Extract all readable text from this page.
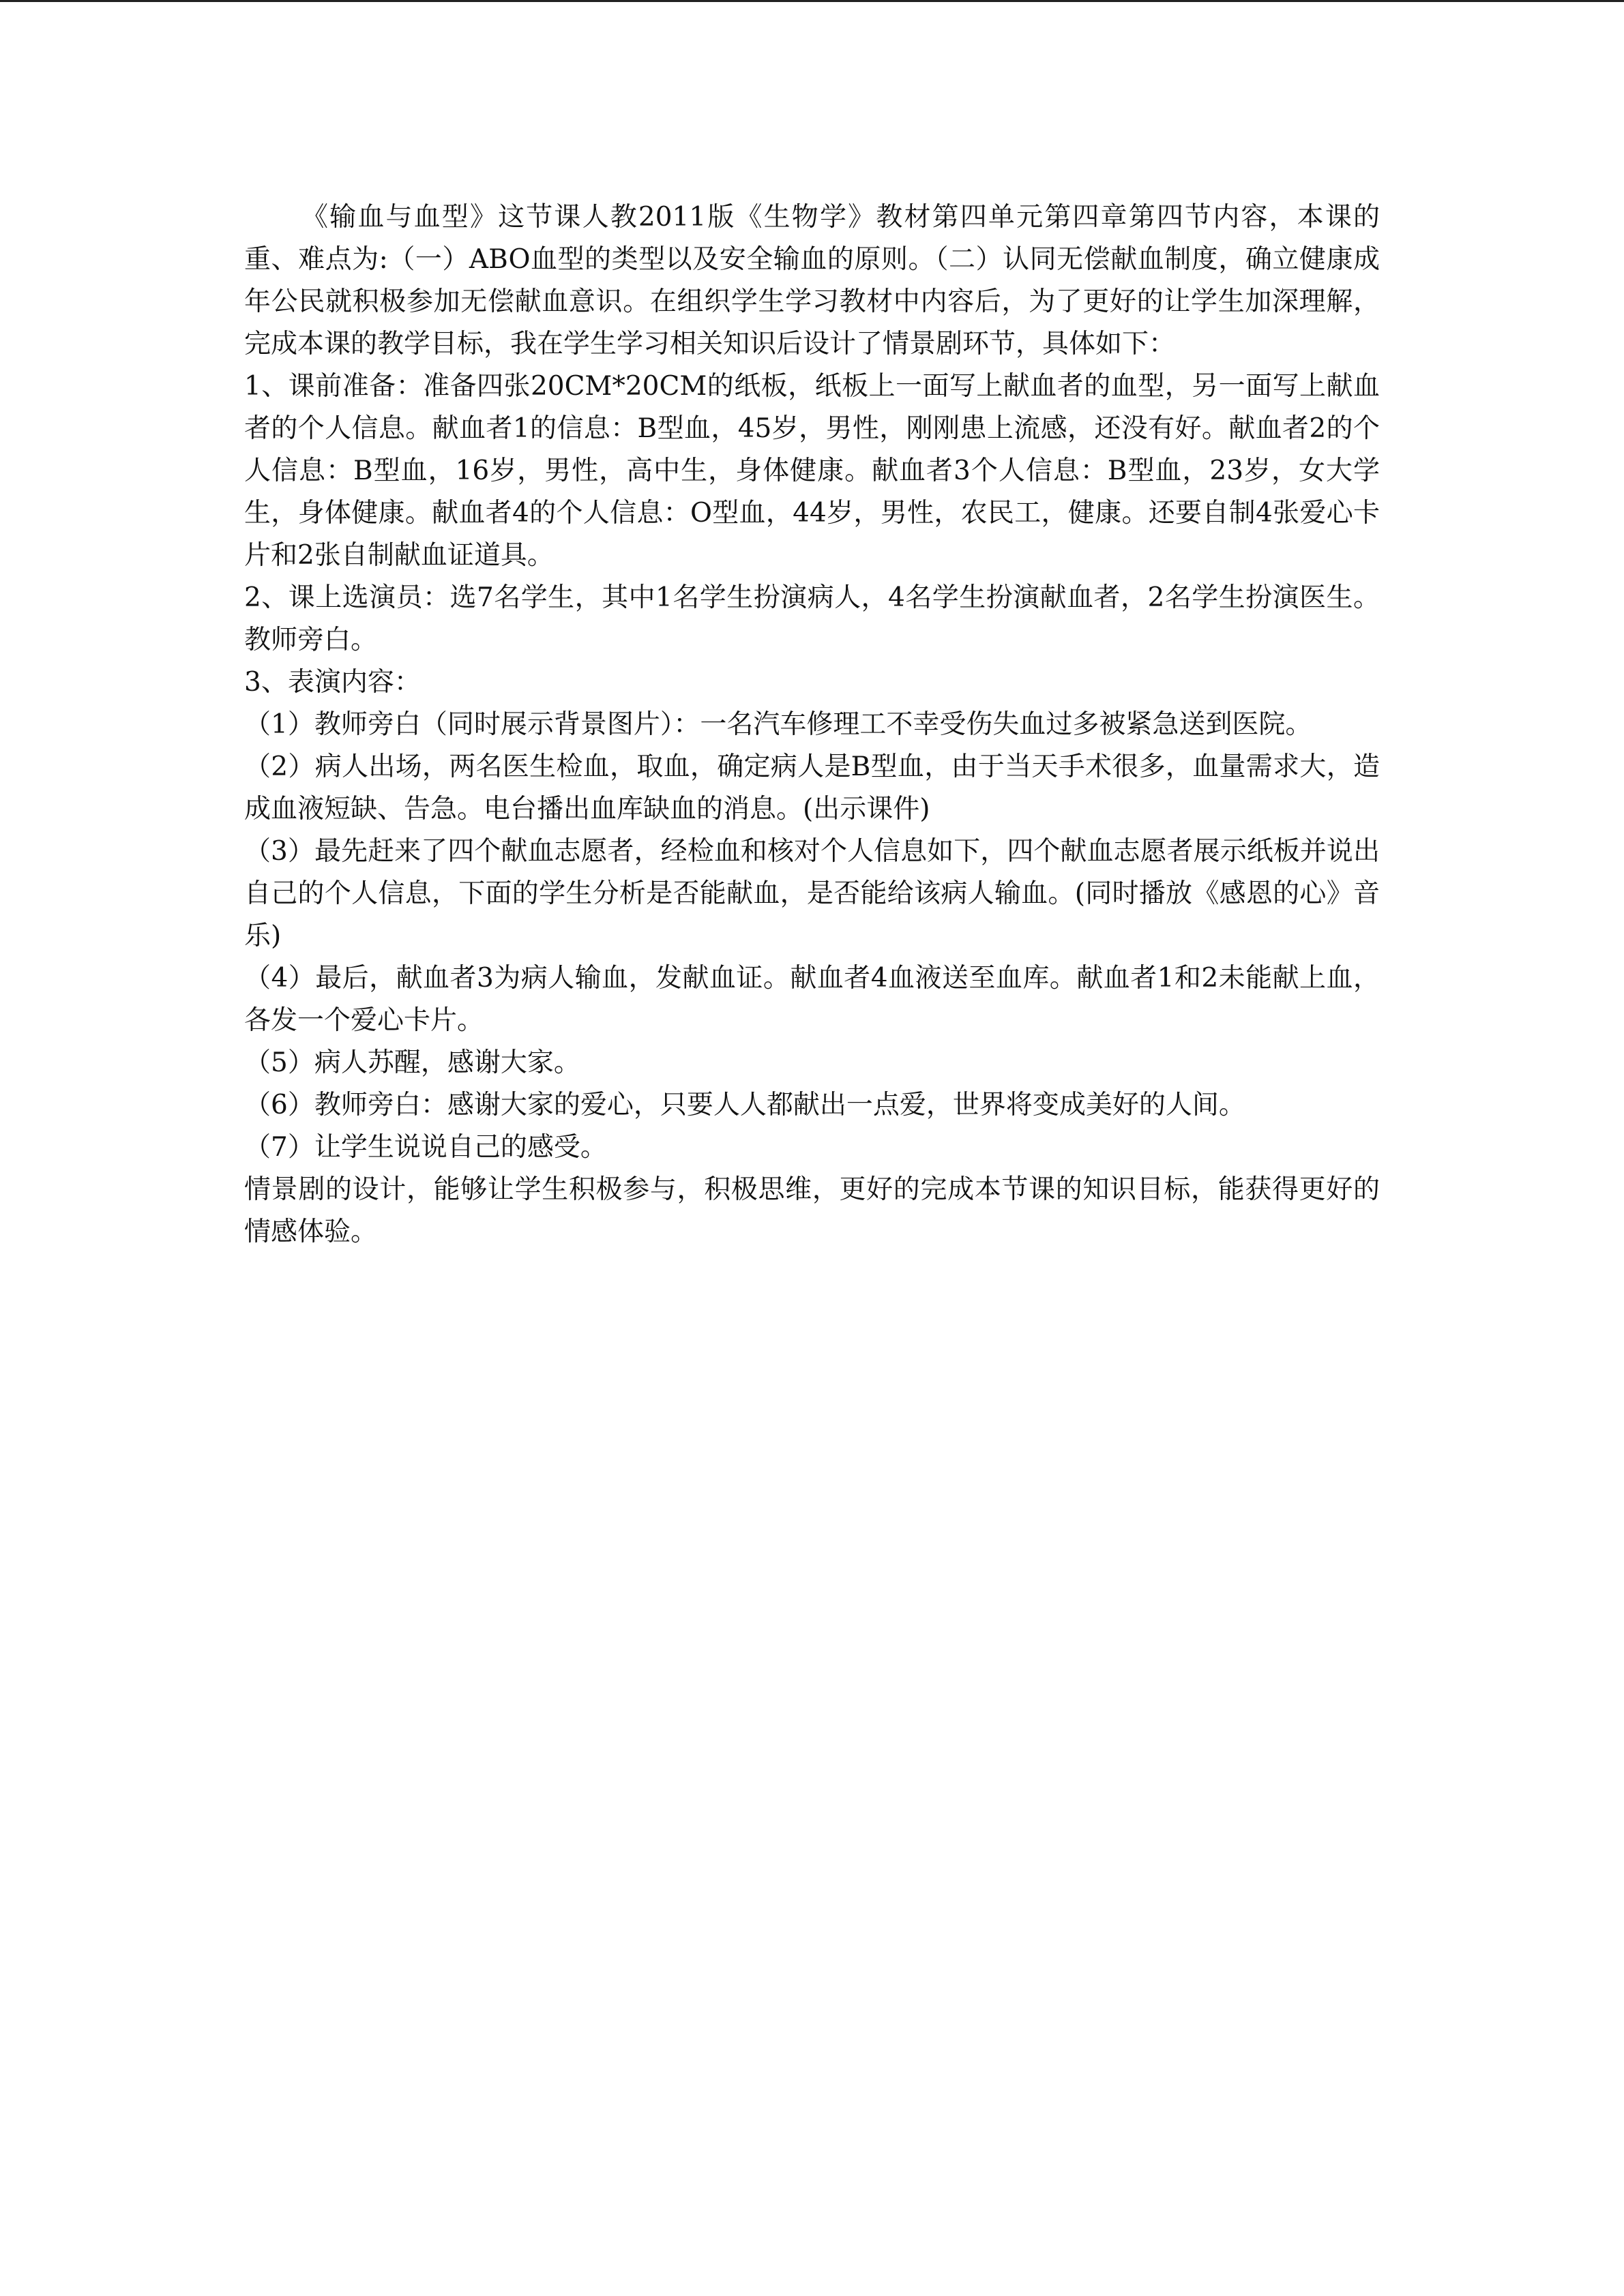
《输血与血型》这节课人教2011版《生物学》教材第四单元第四章第四节内容，本课的重、难点为:（一）ABO血型的类型以及安全输血的原则。（二）认同无偿献血制度，确立健康成年公民就积极参加无偿献血意识。在组织学生学习教材中内容后，为了更好的让学生加深理解，完成本课的教学目标，我在学生学习相关知识后设计了情景剧环节，具体如下：

1、课前准备：准备四张20CM*20CM的纸板，纸板上一面写上献血者的血型，另一面写上献血者的个人信息。献血者1的信息：B型血，45岁，男性，刚刚患上流感，还没有好。献血者2的个人信息：B型血，16岁，男性，高中生，身体健康。献血者3个人信息：B型血，23岁，女大学生，身体健康。献血者4的个人信息：O型血，44岁，男性，农民工，健康。还要自制4张爱心卡片和2张自制献血证道具。

2、课上选演员：选7名学生，其中1名学生扮演病人，4名学生扮演献血者，2名学生扮演医生。教师旁白。

3、表演内容：

（1）教师旁白（同时展示背景图片）：一名汽车修理工不幸受伤失血过多被紧急送到医院。

（2）病人出场，两名医生检血，取血，确定病人是B型血，由于当天手术很多，血量需求大，造成血液短缺、告急。电台播出血库缺血的消息。(出示课件)

（3）最先赶来了四个献血志愿者，经检血和核对个人信息如下，四个献血志愿者展示纸板并说出自己的个人信息，下面的学生分析是否能献血，是否能给该病人输血。(同时播放《感恩的心》音乐)

（4）最后，献血者3为病人输血，发献血证。献血者4血液送至血库。献血者1和2未能献上血，各发一个爱心卡片。

（5）病人苏醒，感谢大家。

（6）教师旁白：感谢大家的爱心，只要人人都献出一点爱，世界将变成美好的人间。

（7）让学生说说自己的感受。

情景剧的设计，能够让学生积极参与，积极思维，更好的完成本节课的知识目标，能获得更好的情感体验。
